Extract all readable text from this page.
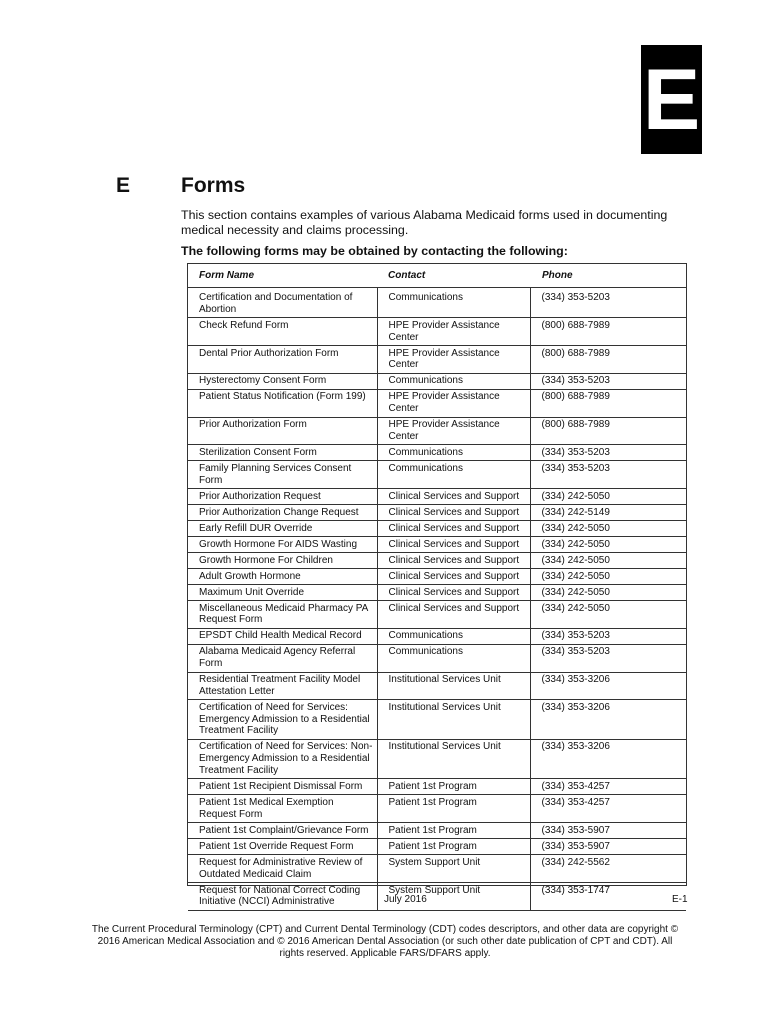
E
E Forms
This section contains examples of various Alabama Medicaid forms used in documenting medical necessity and claims processing.
The following forms may be obtained by contacting the following:
Form Name	Contact	Phone
Certification and Documentation of Abortion	Communications	(334) 353-5203
Check Refund Form	HPE Provider Assistance Center	(800) 688-7989
Dental Prior Authorization Form	HPE Provider Assistance Center	(800) 688-7989
Hysterectomy Consent Form	Communications	(334) 353-5203
Patient Status Notification (Form 199)	HPE Provider Assistance Center	(800) 688-7989
Prior Authorization Form	HPE Provider Assistance Center	(800) 688-7989
Sterilization Consent Form	Communications	(334) 353-5203
Family Planning Services Consent Form	Communications	(334) 353-5203
Prior Authorization Request	Clinical Services and Support	(334) 242-5050
Prior Authorization Change Request	Clinical Services and Support	(334) 242-5149
Early Refill DUR Override	Clinical Services and Support	(334) 242-5050
Growth Hormone For AIDS Wasting	Clinical Services and Support	(334) 242-5050
Growth Hormone For Children	Clinical Services and Support	(334) 242-5050
Adult Growth Hormone	Clinical Services and Support	(334) 242-5050
Maximum Unit Override	Clinical Services and Support	(334) 242-5050
Miscellaneous Medicaid Pharmacy PA Request Form	Clinical Services and Support	(334) 242-5050
EPSDT Child Health Medical Record	Communications	(334) 353-5203
Alabama Medicaid Agency Referral Form	Communications	(334) 353-5203
Residential Treatment Facility Model Attestation Letter	Institutional Services Unit	(334) 353-3206
Certification of Need for Services: Emergency Admission to a Residential Treatment Facility	Institutional Services Unit	(334) 353-3206
Certification of Need for Services: Non-Emergency Admission to a Residential Treatment Facility	Institutional Services Unit	(334) 353-3206
Patient 1st Recipient Dismissal Form	Patient 1st Program	(334) 353-4257
Patient 1st Medical Exemption Request Form	Patient 1st Program	(334) 353-4257
Patient 1st Complaint/Grievance Form	Patient 1st Program	(334) 353-5907
Patient 1st Override Request Form	Patient 1st Program	(334) 353-5907
Request for Administrative Review of Outdated Medicaid Claim	System Support Unit	(334) 242-5562
Request for National Correct Coding Initiative (NCCI) Administrative	System Support Unit	(334) 353-1747
July 2016	E-1
The Current Procedural Terminology (CPT) and Current Dental Terminology (CDT) codes descriptors, and other data are copyright © 2016 American Medical Association and © 2016 American Dental Association (or such other date publication of CPT and CDT). All rights reserved. Applicable FARS/DFARS apply.
